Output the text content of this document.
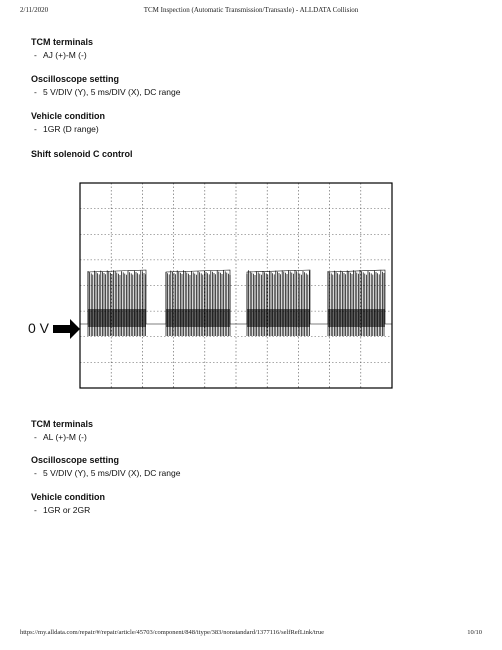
2/11/2020	TCM Inspection (Automatic Transmission/Transaxle) - ALLDATA Collision
TCM terminals
- AJ (+)-M (-)
Oscilloscope setting
- 5 V/DIV (Y), 5 ms/DIV (X), DC range
Vehicle condition
- 1GR (D range)
Shift solenoid C control
0 V
TCM terminals
- AL (+)-M (-)
Oscilloscope setting
- 5 V/DIV (Y), 5 ms/DIV (X), DC range
Vehicle condition
- 1GR or 2GR
https://my.alldata.com/repair/#/repair/article/45703/component/848/itype/383/nonstandard/1377116/selfRefLink/true	10/10
